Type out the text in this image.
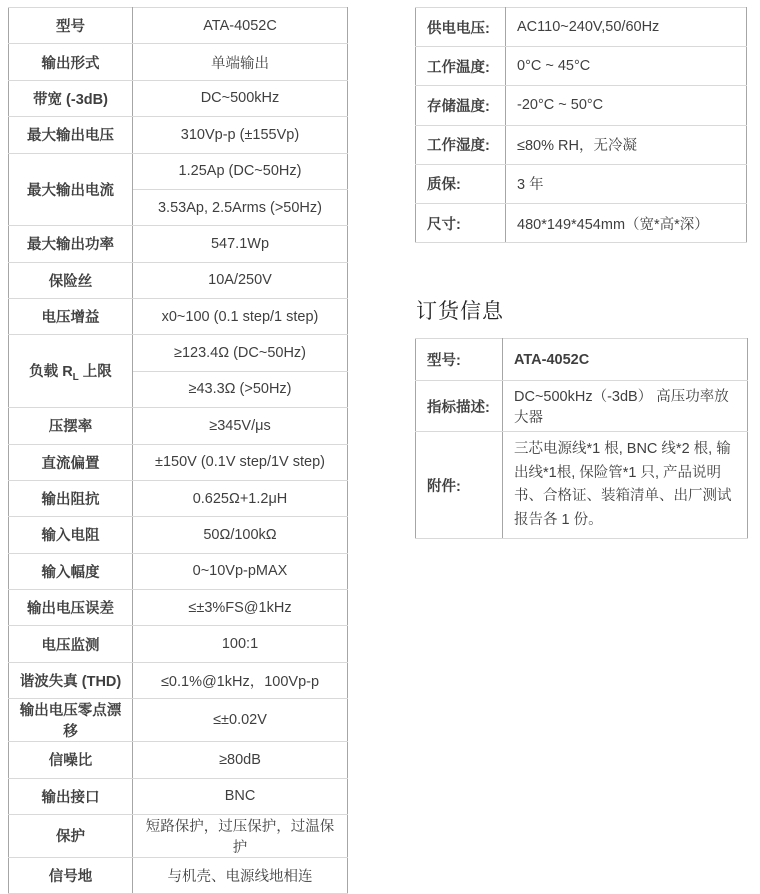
型号	ATA-4052C
输出形式	单端输出
带宽 (-3dB)	DC~500kHz
最大输出电压	310Vp-p (±155Vp)
最大输出电流	1.25Ap (DC~50Hz)
	3.53Ap, 2.5Arms (>50Hz)
最大输出功率	547.1Wp
保险丝	10A/250V
电压增益	x0~100 (0.1 step/1 step)
负载 $R_L$ 上限	≥123.4Ω (DC~50Hz)
	≥43.3Ω (>50Hz)
压摆率	≥345V/μs
直流偏置	±150V (0.1V step/1V step)
输出阻抗	0.625Ω+1.2μH
输入电阻	50Ω/100kΩ
输入幅度	0~10Vp-pMAX
输出电压误差	≤±3%FS@1kHz
电压监测	100:1
谐波失真 (THD)	≤0.1%@1kHz，100Vp-p
输出电压零点漂移	≤±0.02V
信噪比	≥80dB
输出接口	BNC
保护	短路保护，过压保护，过温保护
信号地	与机壳、电源线地相连
供电电压:	AC110~240V,50/60Hz
工作温度:	0°C ~ 45°C
存储温度:	-20°C ~ 50°C
工作湿度:	≤80% RH，无冷凝
质保:	3 年
尺寸:	480*149*454mm（宽*高*深）
订货信息
型号:	ATA-4052C
指标描述:	DC~500kHz（-3dB） 高压功率放大器
附件:	三芯电源线*1 根, BNC 线*2 根, 输出线*1根, 保险管*1 只, 产品说明书、合格证、装箱清单、出厂测试报告各 1 份。
